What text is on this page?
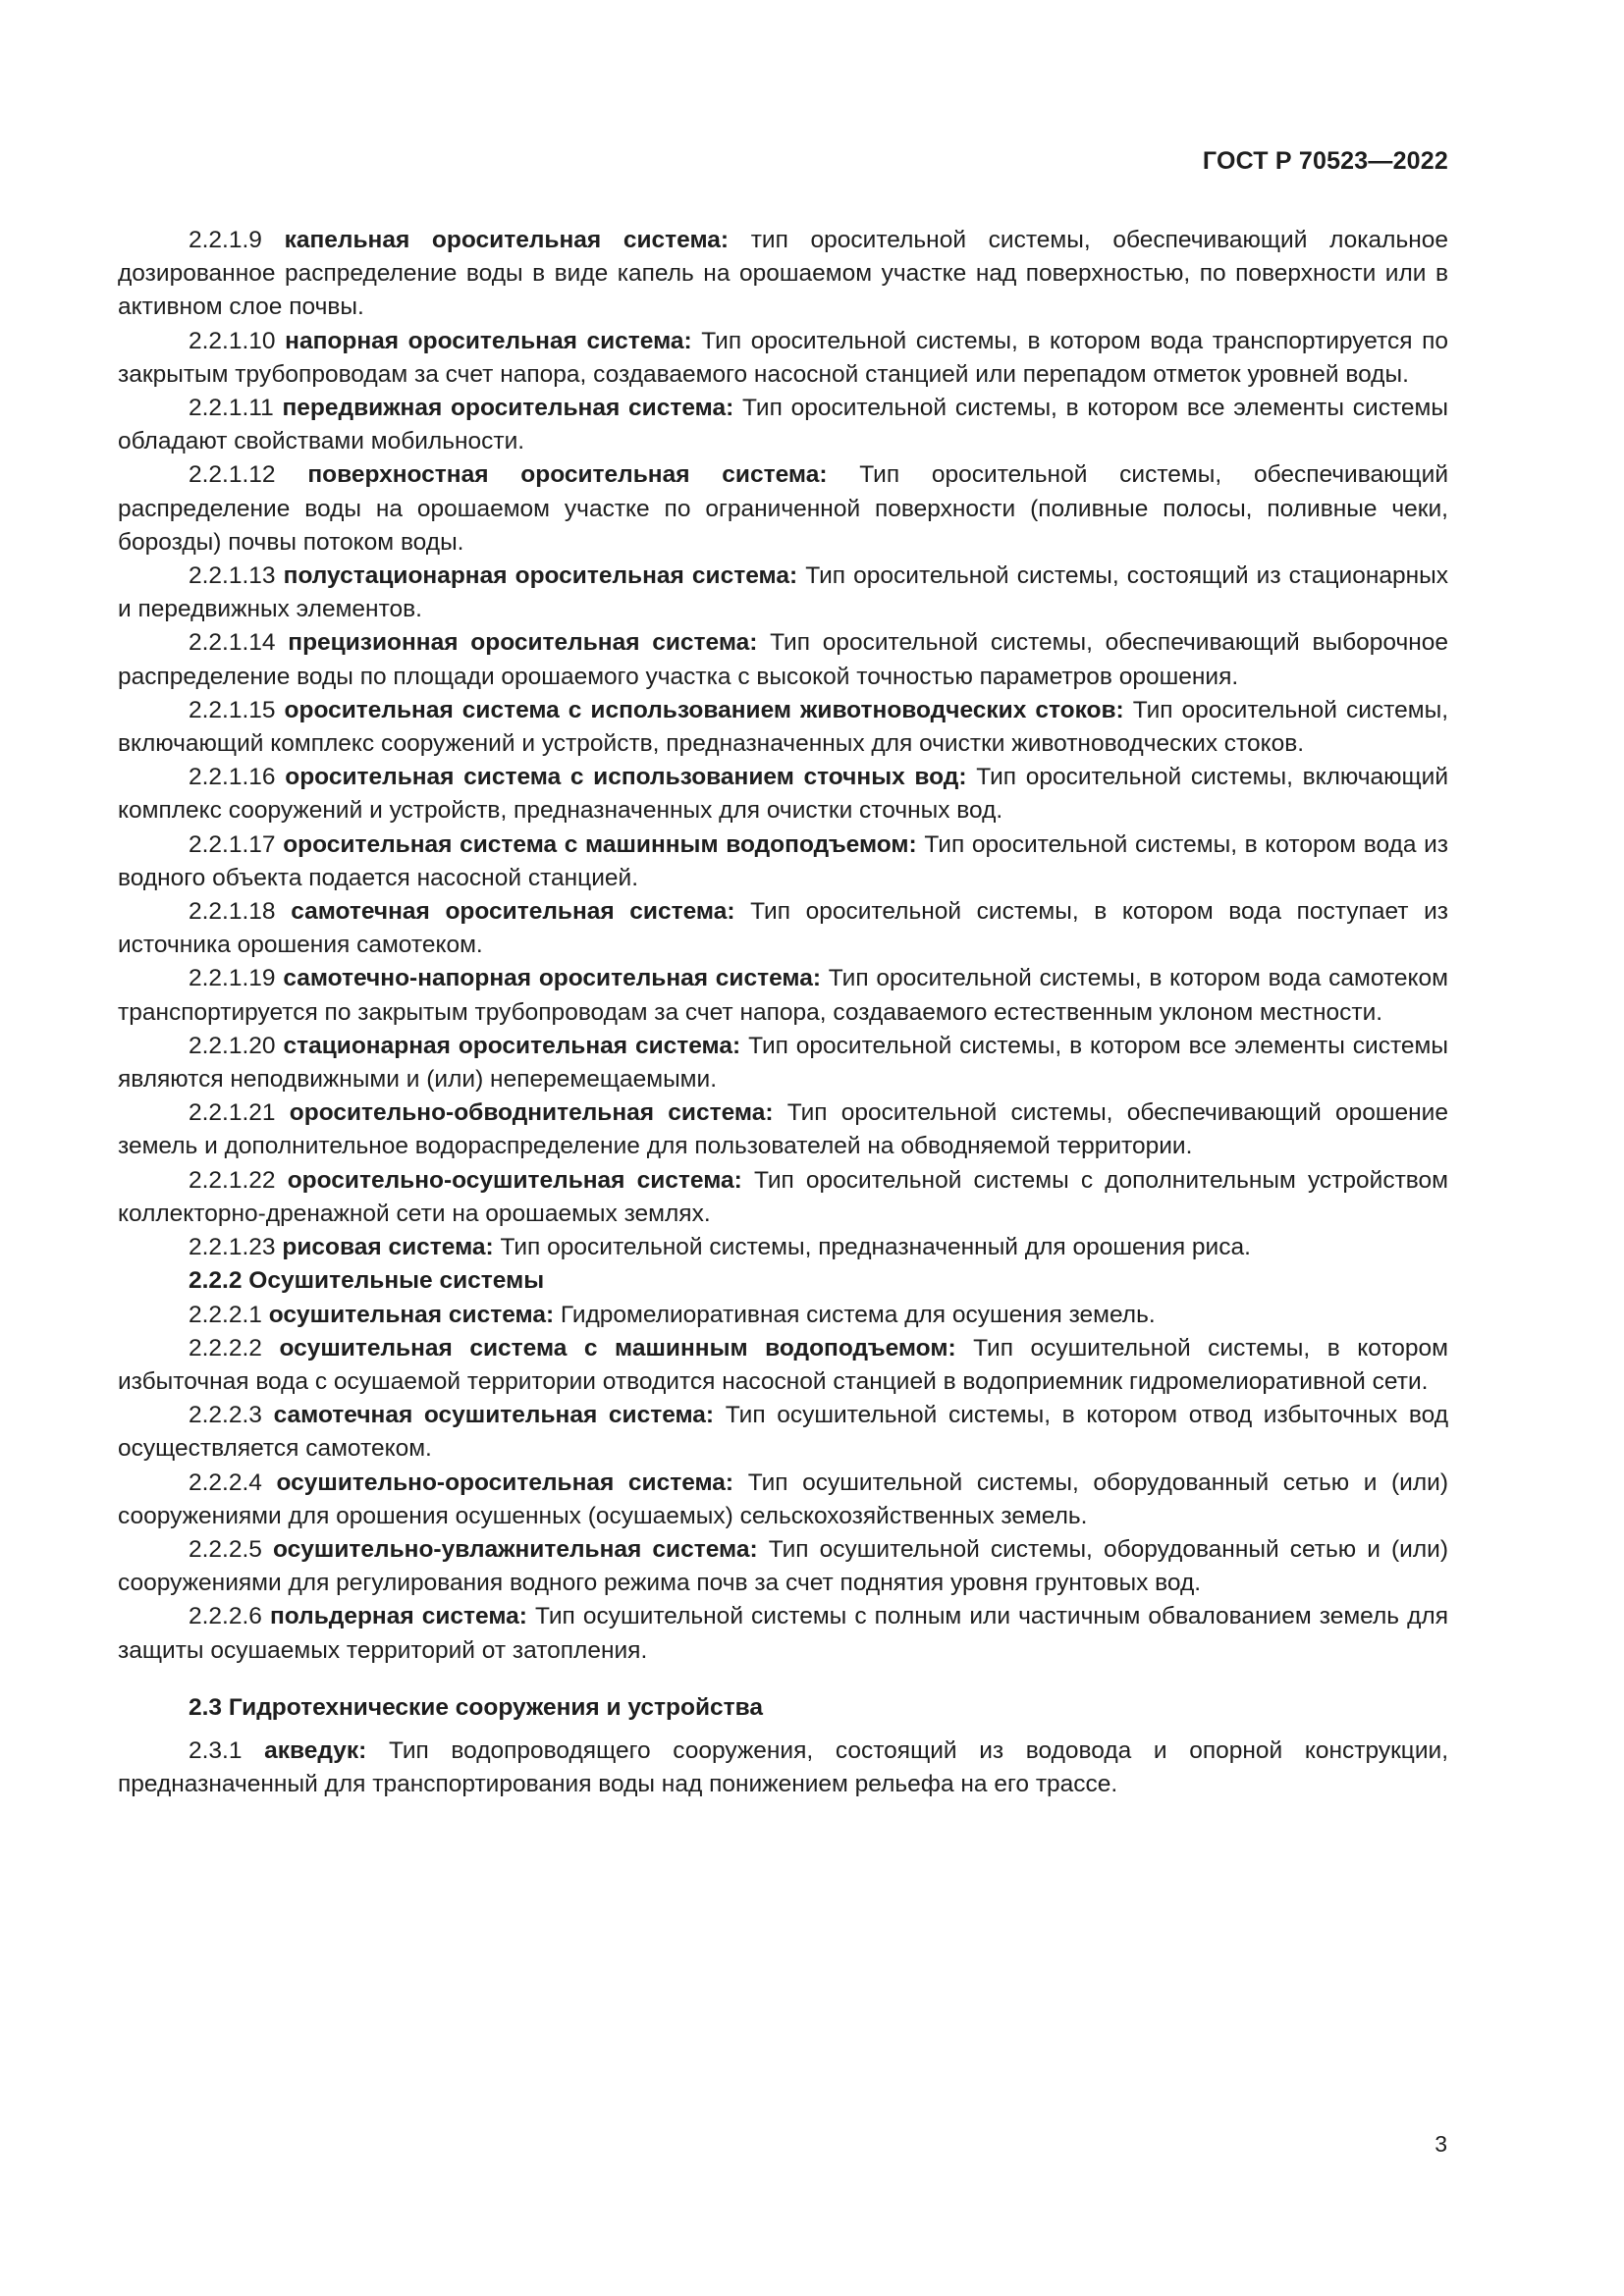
ГОСТ Р 70523—2022

2.2.1.9 капельная оросительная система: тип оросительной системы, обеспечивающий локальное дозированное распределение воды в виде капель на орошаемом участке над поверхностью, по поверхности или в активном слое почвы.

2.2.1.10 напорная оросительная система: Тип оросительной системы, в котором вода транспортируется по закрытым трубопроводам за счет напора, создаваемого насосной станцией или перепадом отметок уровней воды.

2.2.1.11 передвижная оросительная система: Тип оросительной системы, в котором все элементы системы обладают свойствами мобильности.

2.2.1.12 поверхностная оросительная система: Тип оросительной системы, обеспечивающий распределение воды на орошаемом участке по ограниченной поверхности (поливные полосы, поливные чеки, борозды) почвы потоком воды.

2.2.1.13 полустационарная оросительная система: Тип оросительной системы, состоящий из стационарных и передвижных элементов.

2.2.1.14 прецизионная оросительная система: Тип оросительной системы, обеспечивающий выборочное распределение воды по площади орошаемого участка с высокой точностью параметров орошения.

2.2.1.15 оросительная система с использованием животноводческих стоков: Тип оросительной системы, включающий комплекс сооружений и устройств, предназначенных для очистки животноводческих стоков.

2.2.1.16 оросительная система с использованием сточных вод: Тип оросительной системы, включающий комплекс сооружений и устройств, предназначенных для очистки сточных вод.

2.2.1.17 оросительная система с машинным водоподъемом: Тип оросительной системы, в котором вода из водного объекта подается насосной станцией.

2.2.1.18 самотечная оросительная система: Тип оросительной системы, в котором вода поступает из источника орошения самотеком.

2.2.1.19 самотечно-напорная оросительная система: Тип оросительной системы, в котором вода самотеком транспортируется по закрытым трубопроводам за счет напора, создаваемого естественным уклоном местности.

2.2.1.20 стационарная оросительная система: Тип оросительной системы, в котором все элементы системы являются неподвижными и (или) неперемещаемыми.

2.2.1.21 оросительно-обводнительная система: Тип оросительной системы, обеспечивающий орошение земель и дополнительное водораспределение для пользователей на обводняемой территории.

2.2.1.22 оросительно-осушительная система: Тип оросительной системы с дополнительным устройством коллекторно-дренажной сети на орошаемых землях.

2.2.1.23 рисовая система: Тип оросительной системы, предназначенный для орошения риса.

2.2.2 Осушительные системы

2.2.2.1 осушительная система: Гидромелиоративная система для осушения земель.

2.2.2.2 осушительная система с машинным водоподъемом: Тип осушительной системы, в котором избыточная вода с осушаемой территории отводится насосной станцией в водоприемник гидромелиоративной сети.

2.2.2.3 самотечная осушительная система: Тип осушительной системы, в котором отвод избыточных вод осуществляется самотеком.

2.2.2.4 осушительно-оросительная система: Тип осушительной системы, оборудованный сетью и (или) сооружениями для орошения осушенных (осушаемых) сельскохозяйственных земель.

2.2.2.5 осушительно-увлажнительная система: Тип осушительной системы, оборудованный сетью и (или) сооружениями для регулирования водного режима почв за счет поднятия уровня грунтовых вод.

2.2.2.6 польдерная система: Тип осушительной системы с полным или частичным обвалованием земель для защиты осушаемых территорий от затопления.

2.3 Гидротехнические сооружения и устройства

2.3.1 акведук: Тип водопроводящего сооружения, состоящий из водовода и опорной конструкции, предназначенный для транспортирования воды над понижением рельефа на его трассе.

3
